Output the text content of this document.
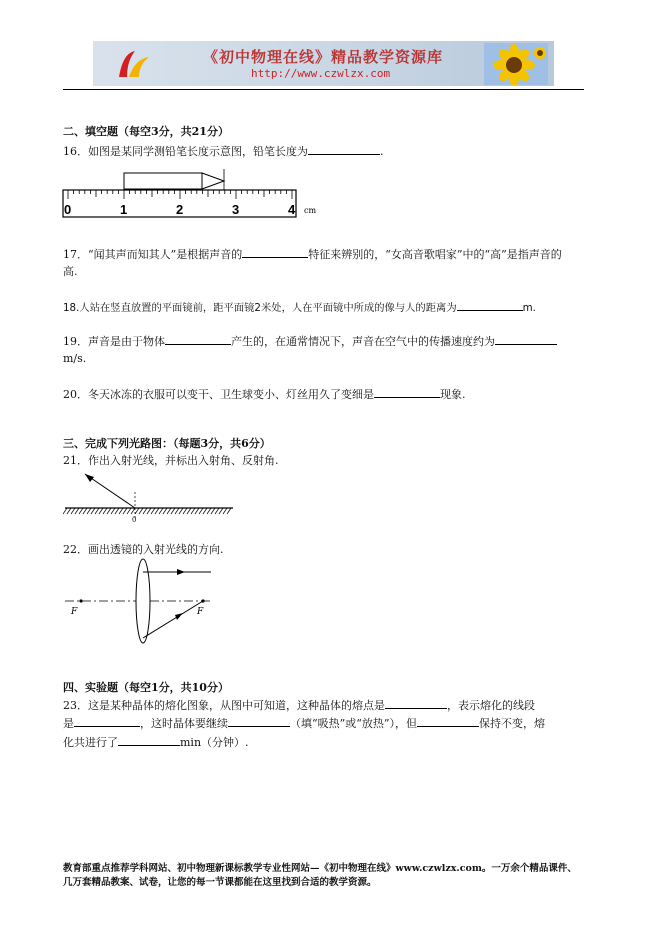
《初中物理在线》精品教学资源库
http://www.czwlzx.com
二、填空题（每空3分，共21分）
16．如图是某同学测铅笔长度示意图，铅笔长度为	.
0	1	2	3	4 cm
17．“闻其声而知其人”是根据声音的	特征来辨别的，“女高音歌唱家”中的“高”是指声音的
高.
18.人站在竖直放置的平面镜前，距平面镜2米处，人在平面镜中所成的像与人的距离为	m.
19．声音是由于物体	产生的，在通常情况下，声音在空气中的传播速度约为
m/s.
20．冬天冰冻的衣服可以变干、卫生球变小、灯丝用久了变细是	现象.
三、完成下列光路图：（每题3分，共6分）
21．作出入射光线，并标出入射角、反射角.
0
22．画出透镜的入射光线的方向.
F	F
四、实验题（每空1分，共10分）
23．这是某种晶体的熔化图象，从图中可知道，这种晶体的熔点是	，表示熔化的线段
是	，这时晶体要继续	（填“吸热”或“放热”），但	保持不变，熔
化共进行了	min（分钟）.
教育部重点推荐学科网站、初中物理新课标教学专业性网站—《初中物理在线》www.czwlzx.com。一万余个精品课件、
几万套精品教案、试卷，让您的每一节课都能在这里找到合适的教学资源。
